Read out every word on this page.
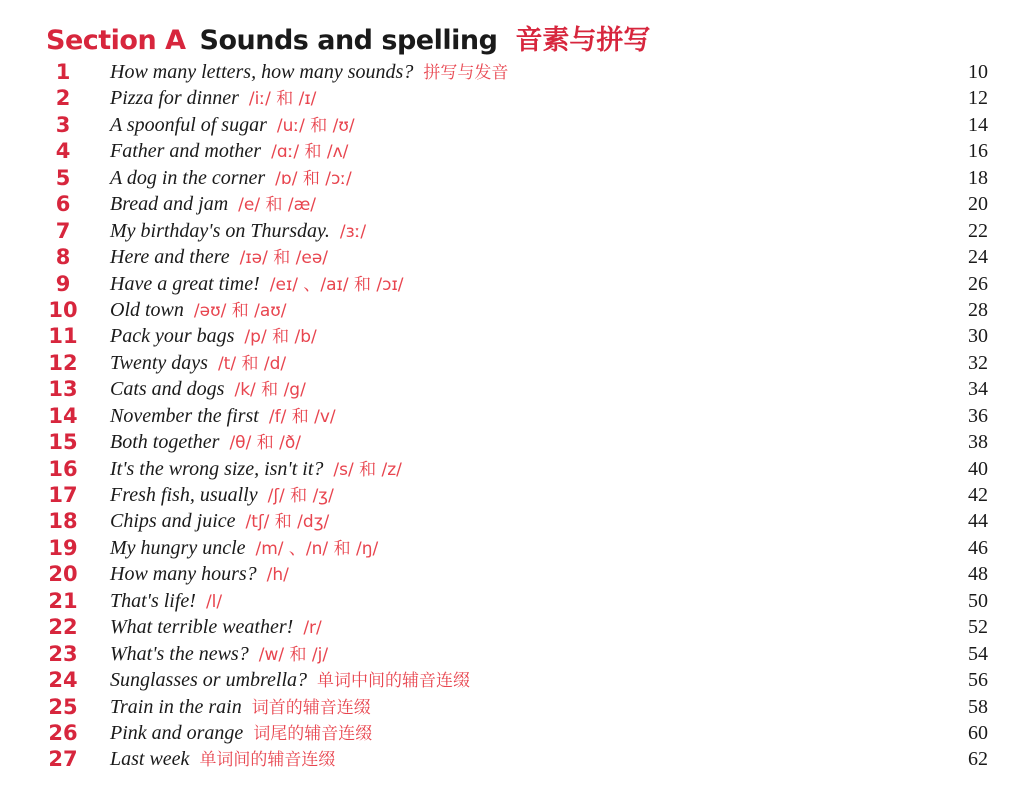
Section A Sounds and spelling 音素与拼写
1	How many letters, how many sounds? 拼写与发音	10
2	Pizza for dinner /iː/ 和 /ɪ/	12
3	A spoonful of sugar /uː/ 和 /ʊ/	14
4	Father and mother /ɑː/ 和 /ʌ/	16
5	A dog in the corner /ɒ/ 和 /ɔː/	18
6	Bread and jam /e/ 和 /æ/	20
7	My birthday's on Thursday. /ɜː/	22
8	Here and there /ɪə/ 和 /eə/	24
9	Have a great time! /eɪ/ 、/aɪ/ 和 /ɔɪ/	26
10	Old town /əʊ/ 和 /aʊ/	28
11	Pack your bags /p/ 和 /b/	30
12	Twenty days /t/ 和 /d/	32
13	Cats and dogs /k/ 和 /g/	34
14	November the first /f/ 和 /v/	36
15	Both together /θ/ 和 /ð/	38
16	It's the wrong size, isn't it? /s/ 和 /z/	40
17	Fresh fish, usually /ʃ/ 和 /ʒ/	42
18	Chips and juice /tʃ/ 和 /dʒ/	44
19	My hungry uncle /m/ 、/n/ 和 /ŋ/	46
20	How many hours? /h/	48
21	That's life! /l/	50
22	What terrible weather! /r/	52
23	What's the news? /w/ 和 /j/	54
24	Sunglasses or umbrella? 单词中间的辅音连缀	56
25	Train in the rain 词首的辅音连缀	58
26	Pink and orange 词尾的辅音连缀	60
27	Last week 单词间的辅音连缀	62
